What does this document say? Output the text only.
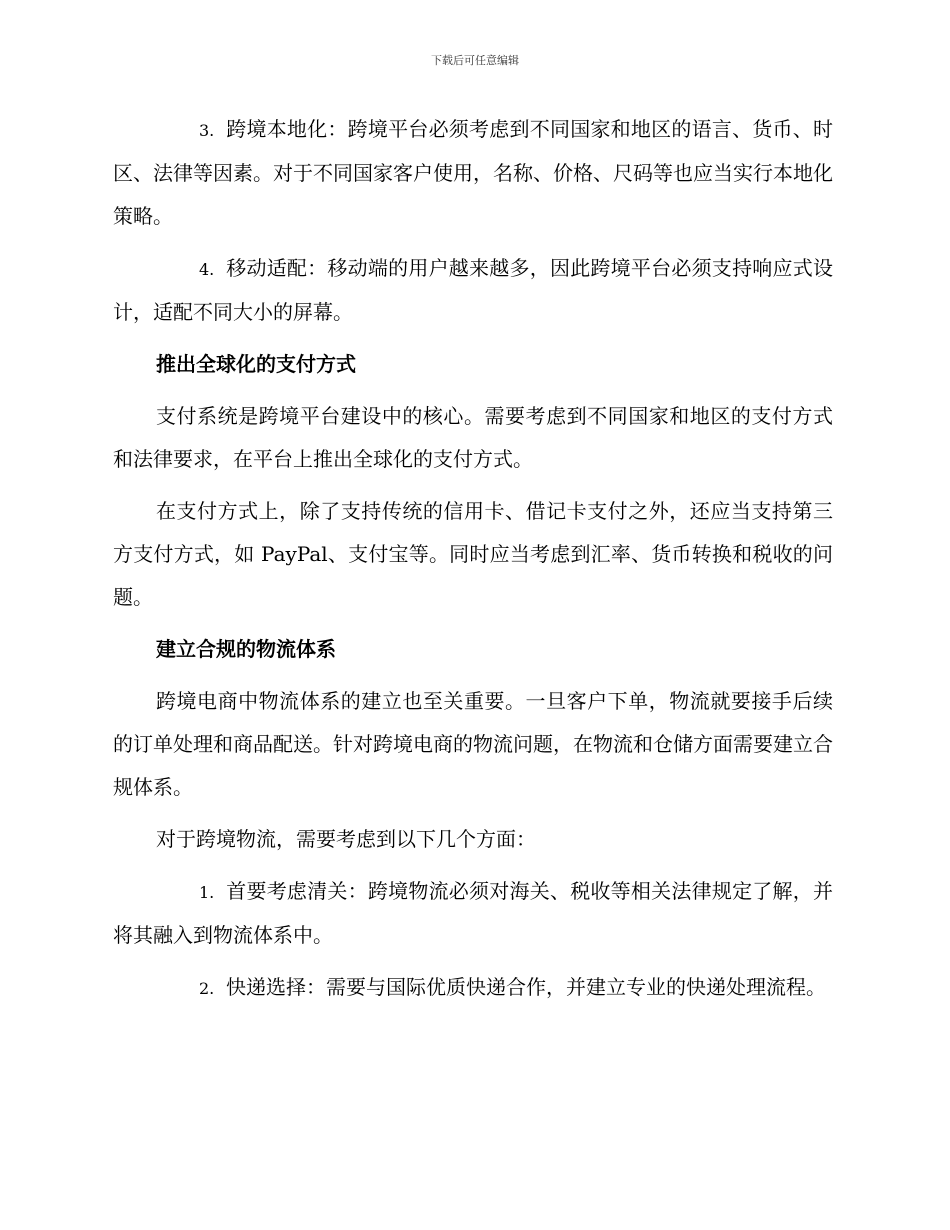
下载后可任意编辑

3. 跨境本地化：跨境平台必须考虑到不同国家和地区的语言、货币、时区、法律等因素。对于不同国家客户使用，名称、价格、尺码等也应当实行本地化策略。

4. 移动适配：移动端的用户越来越多，因此跨境平台必须支持响应式设计，适配不同大小的屏幕。

推出全球化的支付方式

支付系统是跨境平台建设中的核心。需要考虑到不同国家和地区的支付方式和法律要求，在平台上推出全球化的支付方式。

在支付方式上，除了支持传统的信用卡、借记卡支付之外，还应当支持第三方支付方式，如 PayPal、支付宝等。同时应当考虑到汇率、货币转换和税收的问题。

建立合规的物流体系

跨境电商中物流体系的建立也至关重要。一旦客户下单，物流就要接手后续的订单处理和商品配送。针对跨境电商的物流问题，在物流和仓储方面需要建立合规体系。

对于跨境物流，需要考虑到以下几个方面：

1. 首要考虑清关：跨境物流必须对海关、税收等相关法律规定了解，并将其融入到物流体系中。

2. 快递选择：需要与国际优质快递合作，并建立专业的快递处理流程。
